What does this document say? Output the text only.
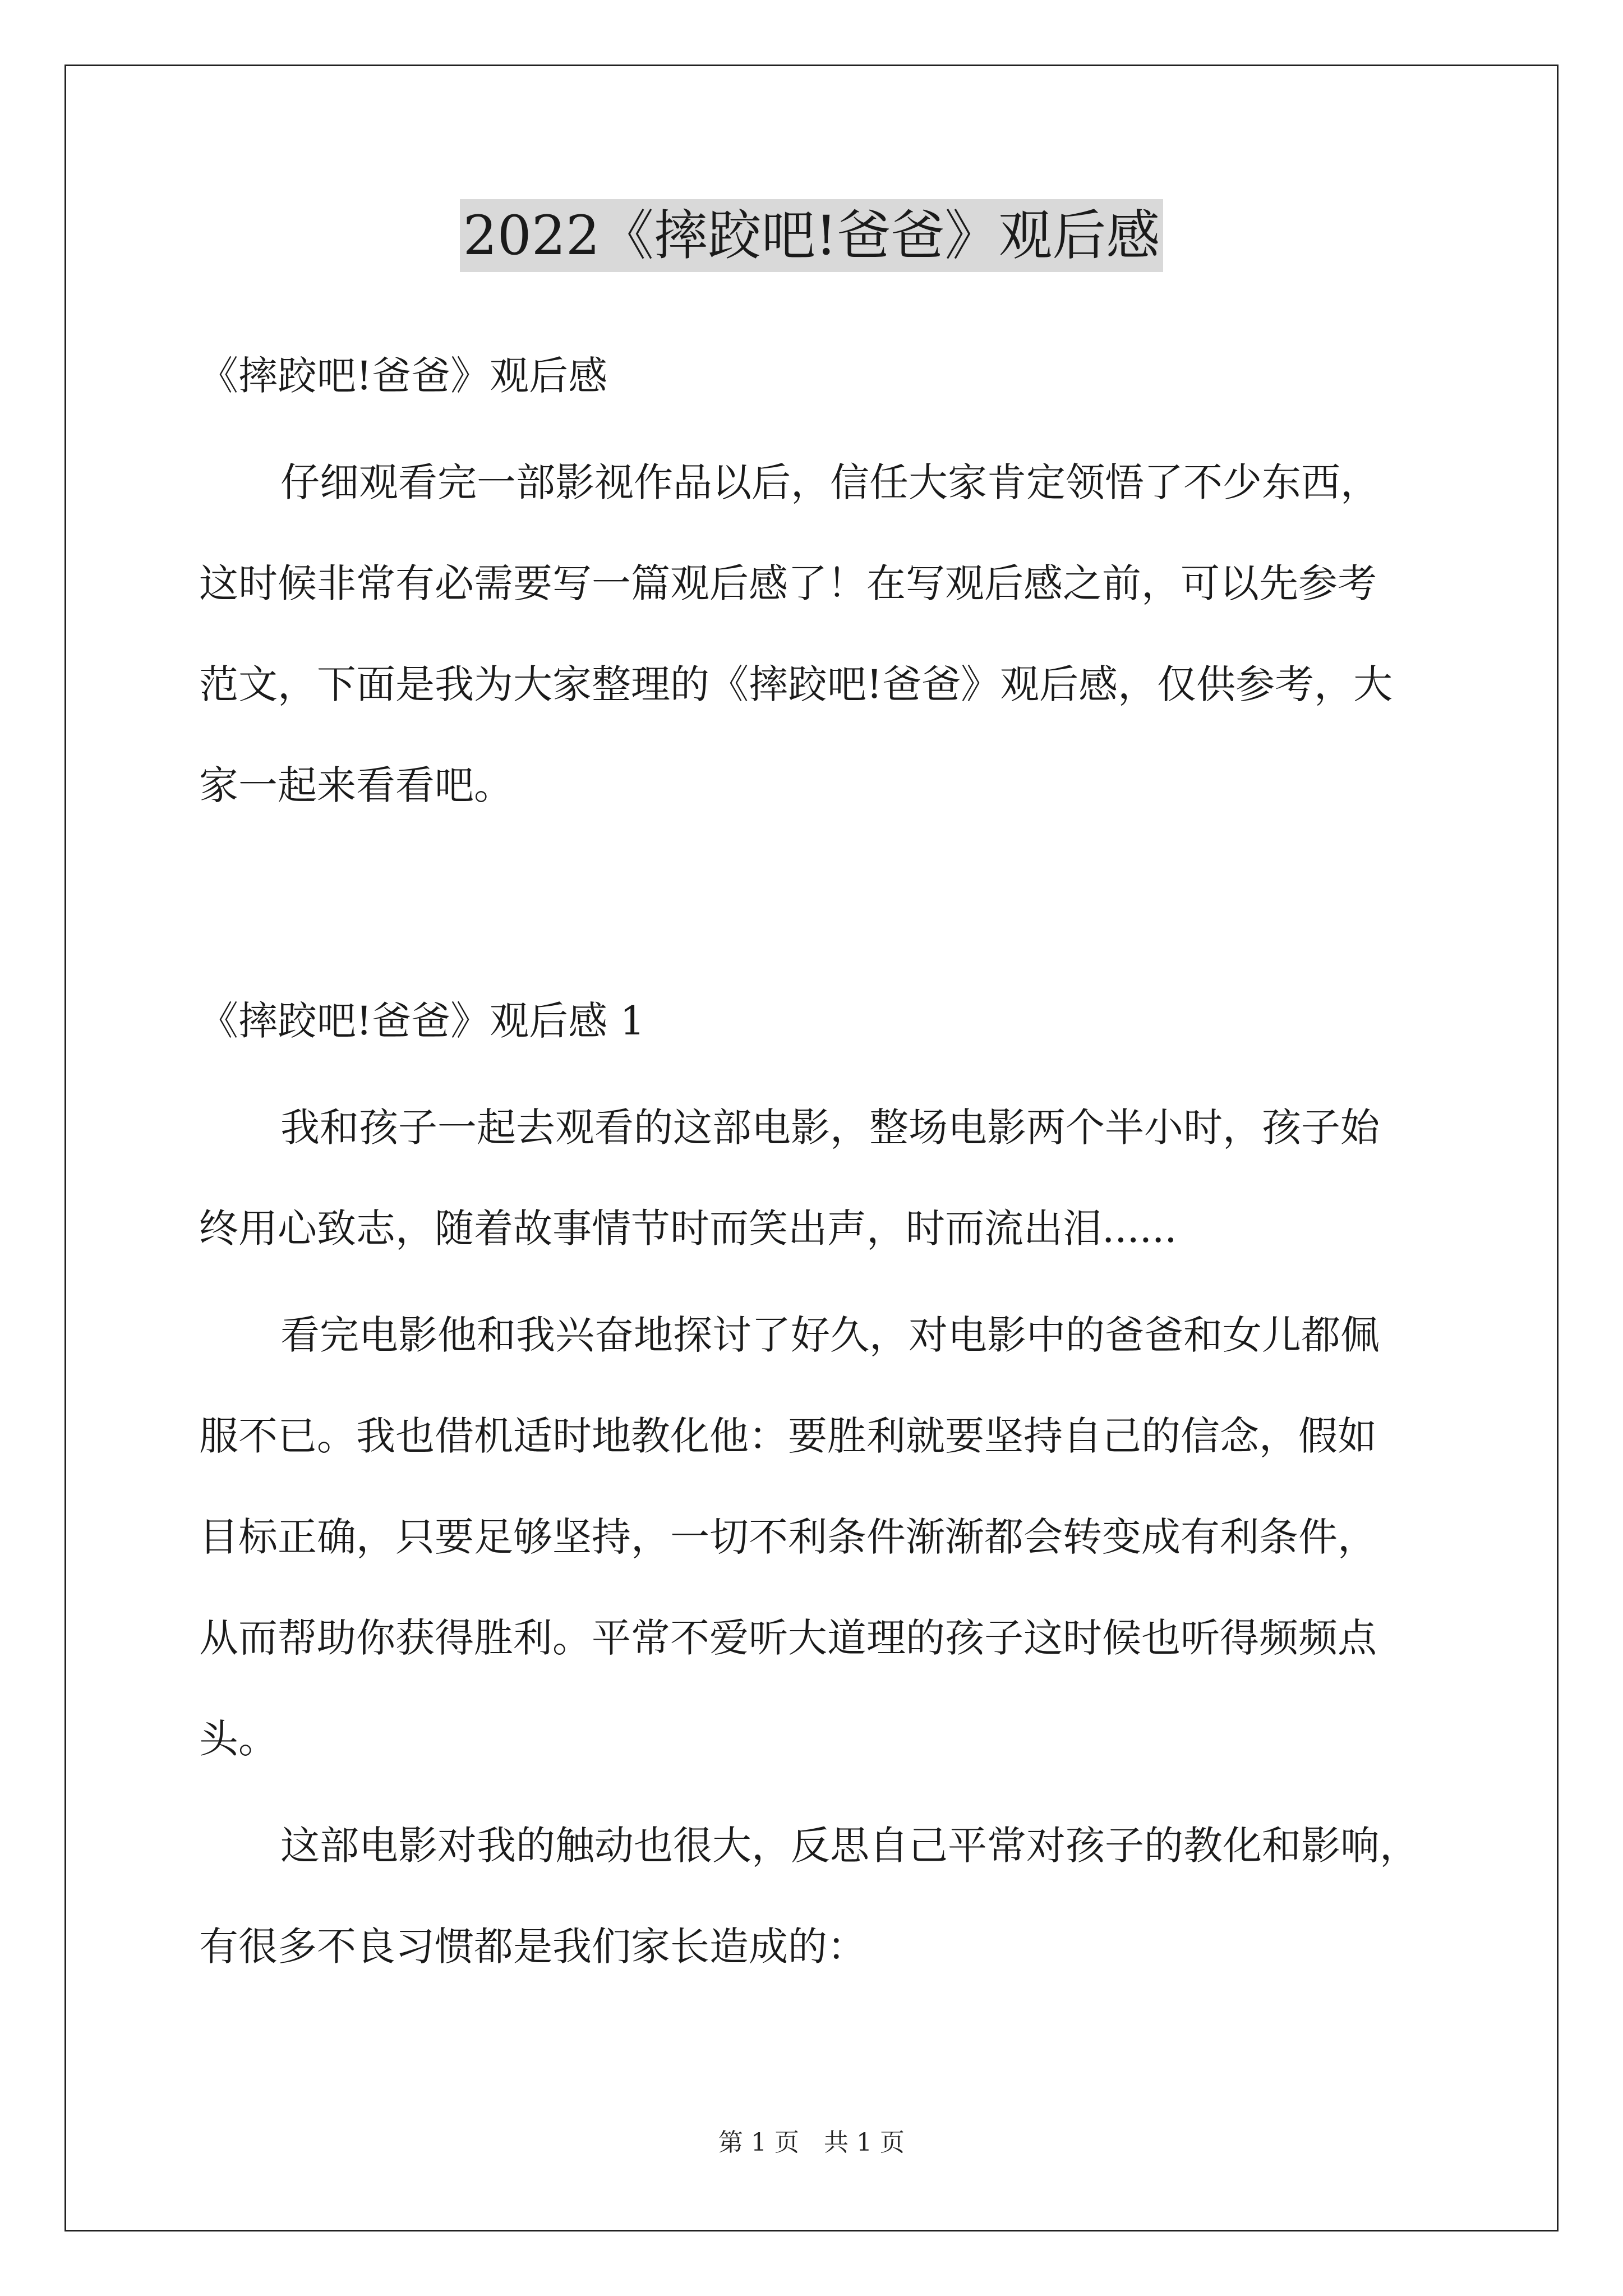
2022《摔跤吧!爸爸》观后感
《摔跤吧!爸爸》观后感
仔细观看完一部影视作品以后，信任大家肯定领悟了不少东西，
这时候非常有必需要写一篇观后感了！在写观后感之前，可以先参考
范文，下面是我为大家整理的《摔跤吧!爸爸》观后感，仅供参考，大
家一起来看看吧。
《摔跤吧!爸爸》观后感 1
我和孩子一起去观看的这部电影，整场电影两个半小时，孩子始
终用心致志，随着故事情节时而笑出声，时而流出泪......
看完电影他和我兴奋地探讨了好久，对电影中的爸爸和女儿都佩
服不已。我也借机适时地教化他：要胜利就要坚持自己的信念，假如
目标正确，只要足够坚持，一切不利条件渐渐都会转变成有利条件，
从而帮助你获得胜利。平常不爱听大道理的孩子这时候也听得频频点
头。
这部电影对我的触动也很大，反思自己平常对孩子的教化和影响，
有很多不良习惯都是我们家长造成的：
第 1 页　共 1 页
